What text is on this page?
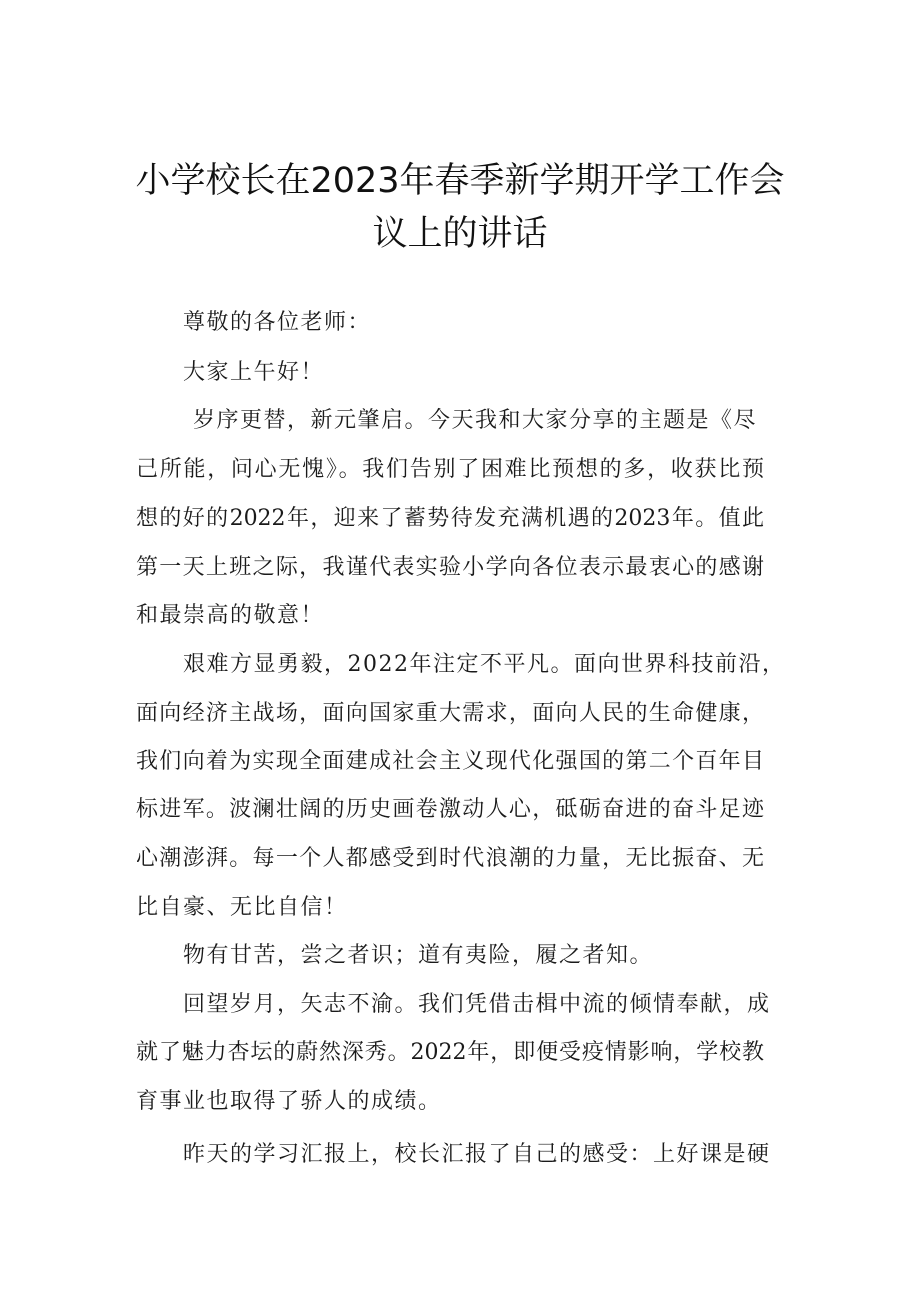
小学校长在2023年春季新学期开学工作会
议上的讲话

尊敬的各位老师：

大家上午好！

岁序更替，新元肇启。今天我和大家分享的主题是《尽

己所能，问心无愧》。我们告别了困难比预想的多，收获比预

想的好的2022年，迎来了蓄势待发充满机遇的2023年。值此

第一天上班之际，我谨代表实验小学向各位表示最衷心的感谢

和最崇高的敬意！

艰难方显勇毅，2022年注定不平凡。面向世界科技前沿，

面向经济主战场，面向国家重大需求，面向人民的生命健康，

我们向着为实现全面建成社会主义现代化强国的第二个百年目

标进军。波澜壮阔的历史画卷激动人心，砥砺奋进的奋斗足迹

心潮澎湃。每一个人都感受到时代浪潮的力量，无比振奋、无

比自豪、无比自信！

物有甘苦，尝之者识；道有夷险，履之者知。

回望岁月，矢志不渝。我们凭借击楫中流的倾情奉献，成

就了魅力杏坛的蔚然深秀。2022年，即便受疫情影响，学校教

育事业也取得了骄人的成绩。

昨天的学习汇报上，校长汇报了自己的感受：上好课是硬
